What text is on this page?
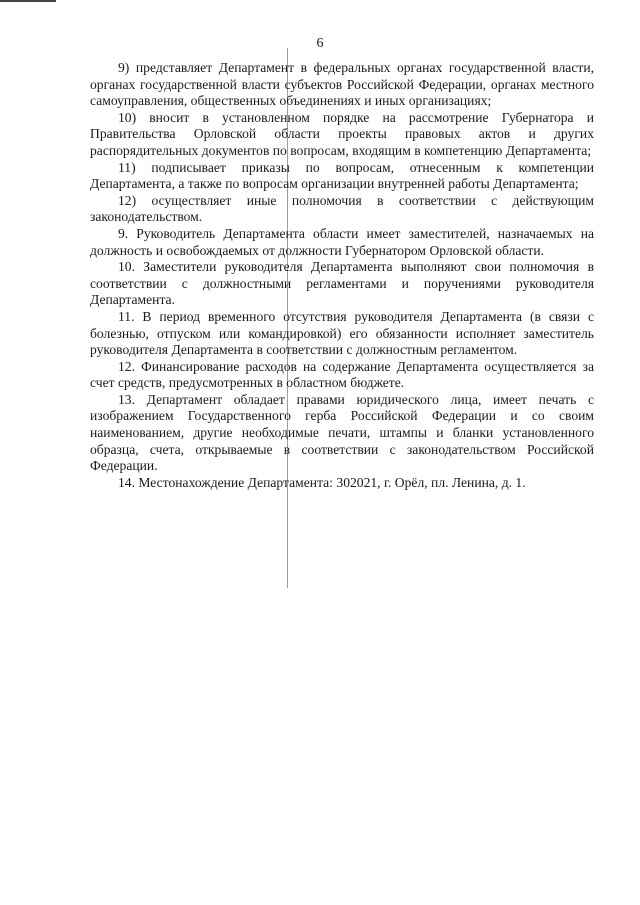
6

9) представляет Департамент в федеральных органах государственной власти, органах государственной власти субъектов Российской Федерации, органах местного самоуправления, общественных объединениях и иных организациях;

10) вносит в установленном порядке на рассмотрение Губернатора и Правительства Орловской области проекты правовых актов и других распорядительных документов по вопросам, входящим в компетенцию Департамента;

11) подписывает приказы по вопросам, отнесенным к компетенции Департамента, а также по вопросам организации внутренней работы Департамента;

12) осуществляет иные полномочия в соответствии с действующим законодательством.

9. Руководитель Департамента области имеет заместителей, назначаемых на должность и освобождаемых от должности Губернатором Орловской области.

10. Заместители руководителя Департамента выполняют свои полномочия в соответствии с должностными регламентами и поручениями руководителя Департамента.

11. В период временного отсутствия руководителя Департамента (в связи с болезнью, отпуском или командировкой) его обязанности исполняет заместитель руководителя Департамента в соответствии с должностным регламентом.

12. Финансирование расходов на содержание Департамента осуществляется за счет средств, предусмотренных в областном бюджете.

13. Департамент обладает правами юридического лица, имеет печать с изображением Государственного герба Российской Федерации и со своим наименованием, другие необходимые печати, штампы и бланки установленного образца, счета, открываемые в соответствии с законодательством Российской Федерации.

14. Местонахождение Департамента: 302021, г. Орёл, пл. Ленина, д. 1.
